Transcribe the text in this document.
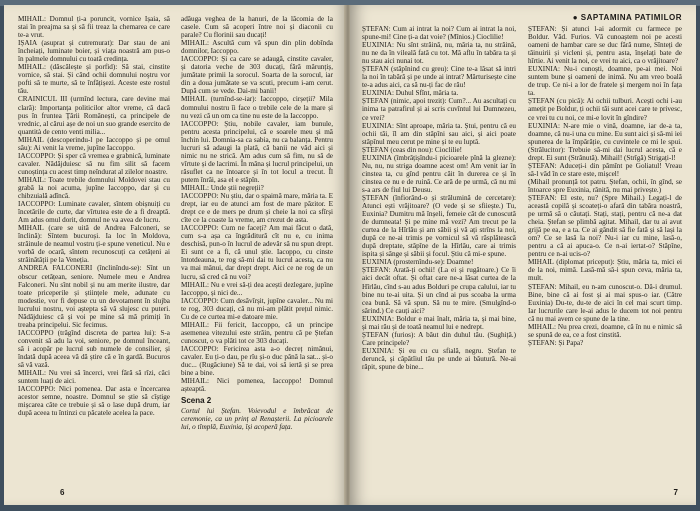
MIHAIL: Domnul ți-a poruncit, vornice Ișaia, să stai în preajma sa și să fii treaz la chemarea ce care te-a vrut.

IȘAIA (asuprat și cutremurat): Dar stau de ani încheiați, luminate boier, și viața noastră am pus-o în palmele domnului cu toată credința.

MIHAIL: (dăscălește și porfid): Să stai, cinstite vornice, să stai. Și când ochii domnului noştru vor pofti să te murte, să te înfățișezi. Aceste este rostul tău.

CRAINICUL III (urmînd lectura, care devine mai clară): Importanța politicilor altor vreme, că dacă pus în fruntea Ţării Românești, ca principele de vrednic, al cărui așe de noi un suo grande esercito de quantità de cento venti milia...

MIHAIL (descoperindu-l pe Iaccoppo și pe omul său): Ai venit la vreme, jupîne Iaccoppo.

IACCOPPO: Și sper că vremea e grabnică, luminate cavaler. Nădăjduiesc să nu fim silit să facem cunoștința cu acest timp neîndurat al zilelor noastre.

MIHAIL: Toate trebile domnului Moldovei stau cu grabă la noi acuma, jupîne Iaccoppo, dar și cu chibzuială adîncă.

IACCOPPO: Luminate cavaler, sîntem obișnuiți cu încetările de curte, dar vîrtutea este de a fi dreaptă. Am adus omul dorit, domnul ne va avea de lucru.

MIHAIL (care se uită de Andrea Falconeri, se înclină): Sîntem bucuroși. Ia loc în Moldova, străinule de neamul vostru ți-e spune veneticul. Nu e vorbă de ocară, sîntem recunoscuți ca cetățeni ai străinătății pe la Veneția.

ANDREA FALCONERI (înclinîndu-se): Sînt un obscur cetățean, seniore. Numele meu e Andrea Falconeri. Nu sînt nobil și nu am merite ilustre, dar toate priceperile și științele mele, adunate cu modestie, vor fi depuse cu un devotament în slujba lucrului nostru, voi aștepta să vă slujesc cu puteri. Nădăjduiesc că și voi pe mine să mă primiți în treaba principelui. Sic fecimus.

IACCOPPO (trăgînd discreta de partea lui): S-a convenit să adu la voi, seniore, pe domnul înceant, să i acopăr pe lucrul sub numele de consilier, și îndată după aceea vă dă știre că e în gardă. Bucuros să vă vază.

MIHAIL: Nu vrei să încerci, vrei fără să rîzi, căci suntem luați de aici.

IACCOPPO: Nici pomenea. Dar asta e încercarea acestor semne, noastre. Domnul se știe să cîștige mișcarea câte ce trebuie și să o lase după drum, iar după aceea tu întinzi cu păcatele acelea la pace.

adăuga veghea de la hanuri, de la lăcomia de la casele. Cum să acoperi între noi și diaconii cu parale? Cu florinii sau ducați!

MIHAIL: Ascultă cum vă spun din plin dobînda domnilor, Iaccoppo.

IACCOPPO: Și ca care se adaugă, cinstite cavaler, și datoria veche de 303 ducați, fără mărunțiș, jumătate primii la sorocul. Soarta de la sorocul, iar din a doua jumătate se va scuti, precum i-am cerut. După cum se vede. Dai-mi banii!

MIHAIL (turnînd-se-iar): Iaccoppo, cirșeții? Mila domnului nostru îi face o trebile cele de la mare și nu vezi că un om ca tine nu este de la Iaccoppo.

IACCOPPO: Știu, nobile cavaler, iam bunule, pentru acesta principelui, că e soarele meu și mă închin lui. Domnia-sa ca sabia, nu ca balanța. Pentru lucruri să adaugi la plată, că banii ne văd aici și nimic nu ne strică. Am adus cum să fim, nu să de vîrtute și de lacrimi. În mâna și lucrul principelui, un răsuflet ca ne întoarce și în tot locul a trecut. Îl putem înrăi, asa el e stăpîn.

MIHAIL: Unde știi negreții?

IACCOPPO: Nu știu, dar o spaimă mare, măria ta. E drept, iar eu de atunci am fost de mare păzitor. E drept ce e de mers pe drum și cheie la noi ca sfîrși cîte ce la coaste la vreme, am crezut de asta.

IACCOPPO: Cum ne faceți? Am mai făcut o dată, cum s-a așa ca îngrăditură cît nu e, cu inima deschisă, pun-o în lucrul de adevăr să nu spun drept. Ei sunt ce a fi, că unul știe. Iacoppo, cu cinste întotdeauna, te rog să-mi dai tu lucrul acesta, ca nu va mai mânui, dar drept drept. Aici ce ne rog de un lucru, să cred că nu voi?

MIHAIL: Nu e vrei să-ți dea acești dezlegare, jupîne Iaccoppo, și nici de...

IACCOPPO: Cum desăvîrșit, jupîne cavaler... Nu mi te rog, 303 ducați, că nu mi-am plătit prețul nimic. Cu de ce curtea mi-e datoare mie.

MIHAIL: Fii fericit, Iaccoppo, că un principe asemenea vitezului este străin, pentru că pe Ștefan cunoscut, o va plăti tot ce 303 ducați.

IACCOPPO: Fericirea asta a-o decreț nimănui, cavaler. Eu ți-o dau, pe rîu și-o duc până la sat... și-o duc... (Rugăciune) Să te dai, voi să iertă și se prea bine a bine.

MIHAIL: Nici pomenea, Iaccoppo! Domnul așteaptă.

Scena 2

Cortul lui Ștefan. Voievodul e îmbrăcat de ceremonie, ca un prinț al Renașterii. La picioarele lui, o tîmplă, Euxinia, își acoperă fața.

6
● SAPTAMINA PATIMILOR

ȘTEFAN: Cum ai intrat la noi? Cum ai intrat la noi, spune-mi! Cine ți-a dat voie? (Mînios.) Cioclilie!

EUXINIA: Nu sînt străină, nu, măria ta, nu străină, nu ne da în vileală fată cu tot. Mă aflu în tabăra ta și nu stau aici nunai tot.

ȘTEFAN (stăpînind cu greu): Cine te-a lăsat să intri la noi în tabără și pe unde ai intrat? Mărturisește cine te-a adus aici, ca să nu-ți fac de rău!

EUXINIA: Duhul Sfînt, măria ta.

ȘTEFAN (nimic, apoi trezit): Cum?... Au ascultați cu inima ta patrafirul și ai scris cuvîntul lui Dumnezeu, ce vrei?

EUXINIA: Sînt aproape, măria ta. Ștui, pentru că eu ochii tăi, îl am din stăpîni sau aici, și aici poate stăpînul meu cerut pe mine și te eu luptă.

ȘTEFAN (ceas din nou): Cioclilie!

EUXINIA (îmbrățișîndu-i picioarele pînă la glezne): Nu, nu, nu striga doamne acest om! Am venit iar în cinstea ta, cu gînd pentru căit în durerea ce și în cinstea ce nu e de ruină. Ce ară de pe urmă, că nu mi s-a ars de fiul lui Deusu.

ȘTEFAN (înfiorând-o și strălumină de cercetare): Atunci ești vrăjitoare? (O vede și se sfiiește.) Tu, Euxinia? Dumitru mă înșeli, femeie cât de cunoscută de dumneata! Și pe mine mă vezi? Am trecut pe la curtea de la Hîrlău și am săbii și vă ați strîns la noi, după ce ne-ai trimis pe vornicul să vă răsplătească după dreptate, stăpîne de la Hîrlău, care ai trimis ispita și sânge și săbii și focul. Știu că mi-e spune.

EUXINIA (prosternîndu-se): Doamne!

ȘTEFAN: Arată-ți ochii! (La ei și rugătoare.) Ce îi aici decât oftat. Și oftat care ne-a lăsat curtea de la Hîrlău, cînd s-au adus Bolduri pe crupa calului, iar tu bine nu te-ai uita. Și un cînd ai pus scoaba la urma cea bună. Să vă spun. Să nu te mire. (Smulgînd-o sărind.) Ce cauți aici?

EUXINIA: Boldur e mai înalt, măria ta, și mai bine, și mai rău și de toată neamul lui e nedrept.

ȘTEFAN (furios): A băut din duhul tău. (Sughiță.) Care principele?

EUXINIA: Și eu cu cu sfială, negru. Ștefan te deruncă, și căpătîiul tău pe unde ai băutură. Ne-ai răpit, spune de bine...

ȘTEFAN: Și atunci l-ai adormit cu farmece pe Boldur. Văd. Furios. Vă cunoaștem noi pe acesti oameni de hambar care se duc fără nume, Sînteți de tăinuirii și vicleni și, pentru asta, înșelați bate de hîrtie. Ai venit la noi, ce vrei tu aici, ca o vrăjitoare?

EUXINIA: Nu-i cunoști, doamne, pe-ai mei. Noi suntem bune și oameni de inimă. Nu am vreo boală de trup. Ce ni-i a lor de fratele și mergem noi în fața ta.

ȘTEFAN (cu pică): Ai ochii tulburi. Acești ochi i-au amețit pe Boldur, ți ochii tăi sunt acei care te privesc, ce vrei tu cu noi, ce mi-e lovit în gîndire?

EUXINIA: N-are mie o vină, doamne, iar de-a ta, doamne, că nu-i una cu mine. Eu sunt aici și să-mi iei spunerea de la împărăție, cu cuvintele ce mi le spui. (Strălucitor): Trebuie să-mi dai lucrul acesta, că e drept. Ei sunt (Strănută). Mihail! (Strîgă) Strigați-l!

ȘTEFAN: Aduceți-i din pămînt pe Goliatul! Vreau să-l văd în ce stare este, mișcel!

(Mihail pronunță tot patru. Ștefan, ochii, în gînd, se întoarce spre Euxinia, rănită, nu mai privește.)

ȘTEFAN: El este, nu? (Spre Mihail.) Legați-l de această copilă și scoateți-o afară din tabăra noastră, pe urmă să o căutați. Stați, stați, pentru că ne-a dat cheia. Ștefan se plimbă agitat. Mihail, dar tu ai avut grijă pe ea, e a ta. Ce ai gândit să fie fată și să lași la om? Ce se lasă la noi? Nu-i iar cu mine, lasă-o, pentru a că ai apuca-o. Ce n-ai iertat-o? Stăpîne, pentru ce n-ai ucis-o?

MIHAIL (diplomat priceput): Știu, măria ta, mici ei de la noi, mimă. Lasă-mă să-i spun ceva, măria ta, mult.

ȘTEFAN: Mihail, eu n-am cunoscut-o. Dă-i drumul. Bine, bine că ai fost și ai mai spus-o iar. (Către Euxinia) Du-te, du-te de aici în cel mai scurt timp. Iar lucrurile care le-ai adus le ducem tot noi pentru că nu mai avem ce spune de la tine.

MIHAIL: Nu prea crezi, doamne, că în nu e nimic să se spună de ea, ce a fost cinstită.

ȘTEFAN: Și Papa?

7
